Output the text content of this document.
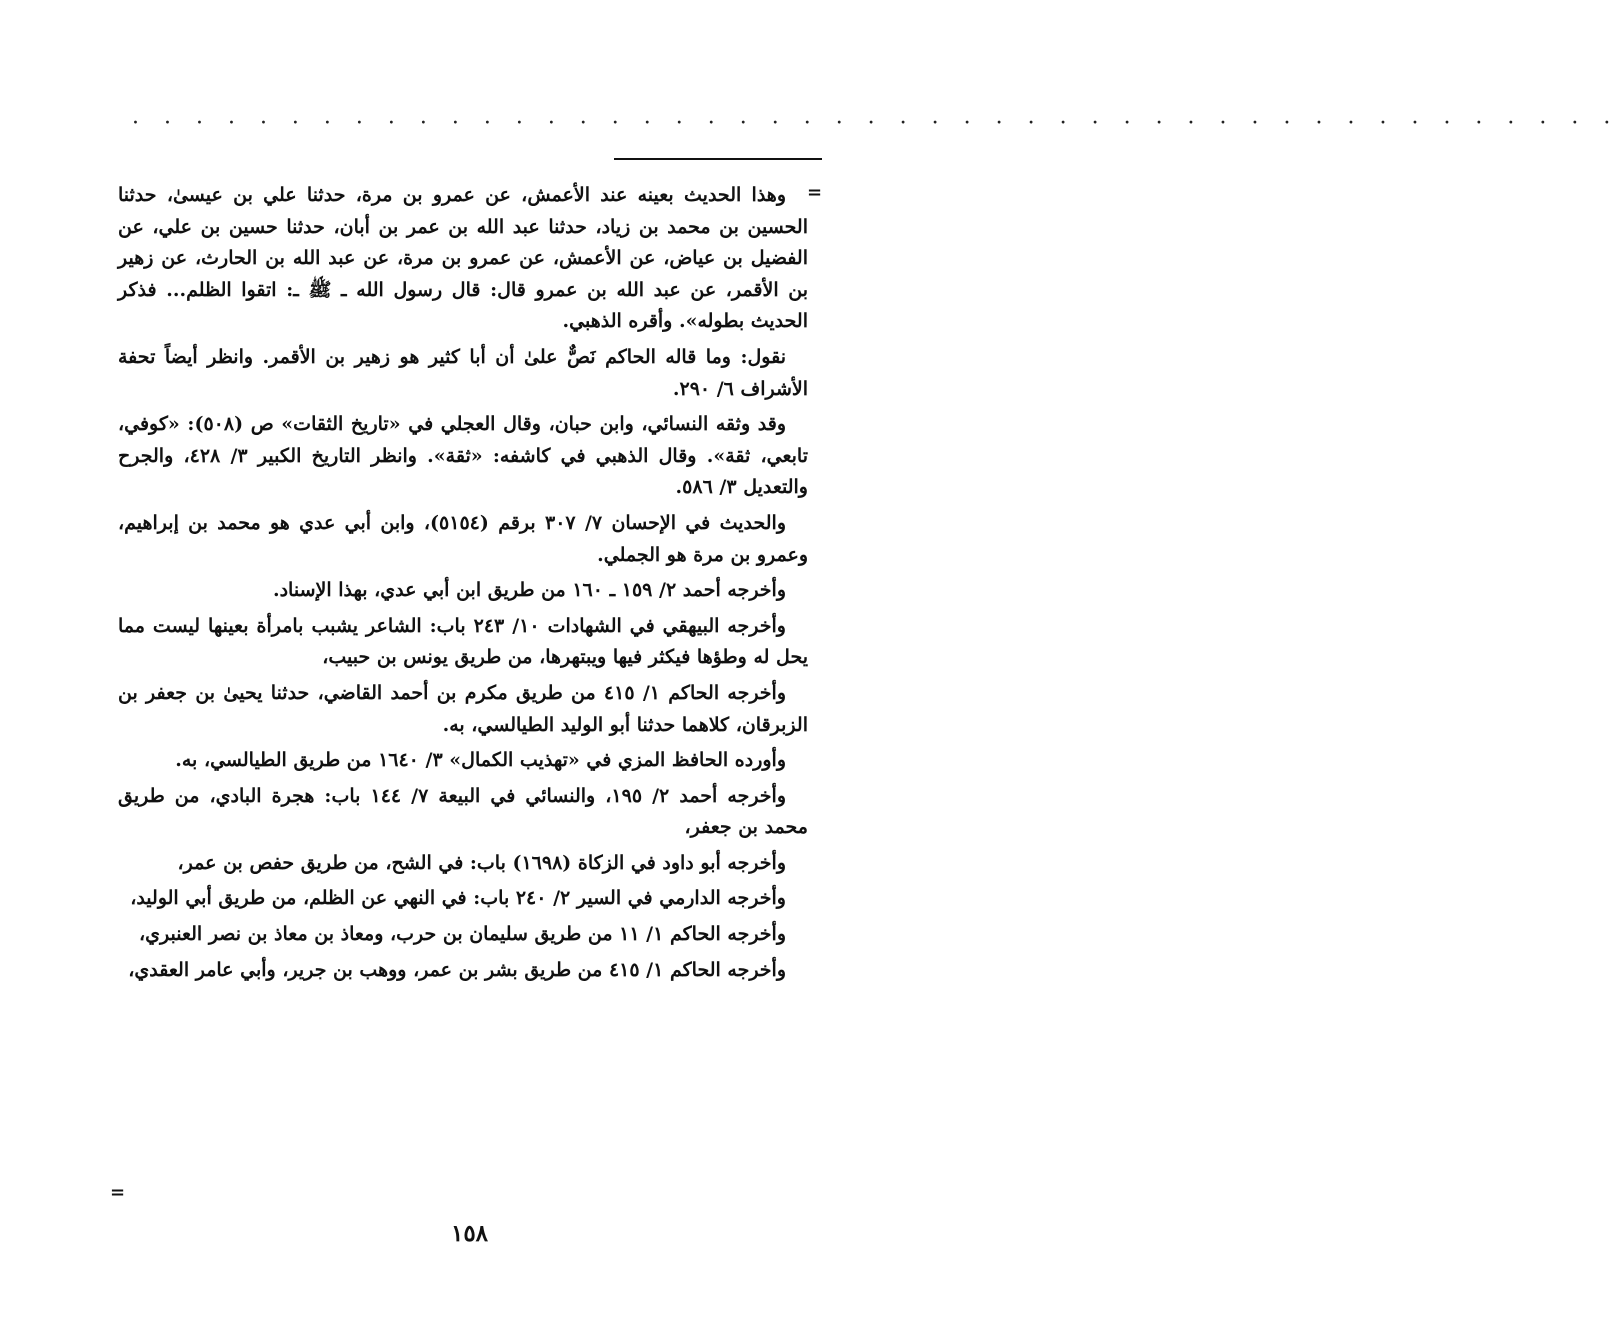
· · · · · · · · · · · · · · · · · · · · · · · · · · · · · · · · · · · · · · · · · · · · · · ·
=

وهذا الحديث بعينه عند الأعمش، عن عمرو بن مرة، حدثنا علي بن عيسىٰ، حدثنا الحسين بن محمد بن زياد، حدثنا عبد الله بن عمر بن أبان، حدثنا حسين بن علي، عن الفضيل بن عياض، عن الأعمش، عن عمرو بن مرة، عن عبد الله بن الحارث، عن زهير بن الأقمر، عن عبد الله بن عمرو قال: قال رسول الله ـ ﷺ ـ: اتقوا الظلم... فذكر الحديث بطوله». وأقره الذهبي.

نقول: وما قاله الحاكم نَصٌّ علىٰ أن أبا كثير هو زهير بن الأقمر. وانظر أيضاً تحفة الأشراف ٦/ ٢٩٠.

وقد وثقه النسائي، وابن حبان، وقال العجلي في «تاريخ الثقات» ص (٥٠٨): «كوفي، تابعي، ثقة». وقال الذهبي في كاشفه: «ثقة». وانظر التاريخ الكبير ٣/ ٤٢٨، والجرح والتعديل ٣/ ٥٨٦.

والحديث في الإحسان ٧/ ٣٠٧ برقم (٥١٥٤)، وابن أبي عدي هو محمد بن إبراهيم، وعمرو بن مرة هو الجملي.

وأخرجه أحمد ٢/ ١٥٩ ـ ١٦٠ من طريق ابن أبي عدي، بهذا الإسناد.

وأخرجه البيهقي في الشهادات ١٠/ ٢٤٣ باب: الشاعر يشبب بامرأة بعينها ليست مما يحل له وطؤها فيكثر فيها ويبتهرها، من طريق يونس بن حبيب،

وأخرجه الحاكم ١/ ٤١٥ من طريق مكرم بن أحمد القاضي، حدثنا يحيىٰ بن جعفر بن الزبرقان، كلاهما حدثنا أبو الوليد الطيالسي، به.

وأورده الحافظ المزي في «تهذيب الكمال» ٣/ ١٦٤٠ من طريق الطيالسي، به.

وأخرجه أحمد ٢/ ١٩٥، والنسائي في البيعة ٧/ ١٤٤ باب: هجرة البادي، من طريق محمد بن جعفر،

وأخرجه أبو داود في الزكاة (١٦٩٨) باب: في الشح، من طريق حفص بن عمر،

وأخرجه الدارمي في السير ٢/ ٢٤٠ باب: في النهي عن الظلم، من طريق أبي الوليد،

وأخرجه الحاكم ١/ ١١ من طريق سليمان بن حرب، ومعاذ بن معاذ بن نصر العنبري،

وأخرجه الحاكم ١/ ٤١٥ من طريق بشر بن عمر، ووهب بن جرير، وأبي عامر العقدي،

=
١٥٨
